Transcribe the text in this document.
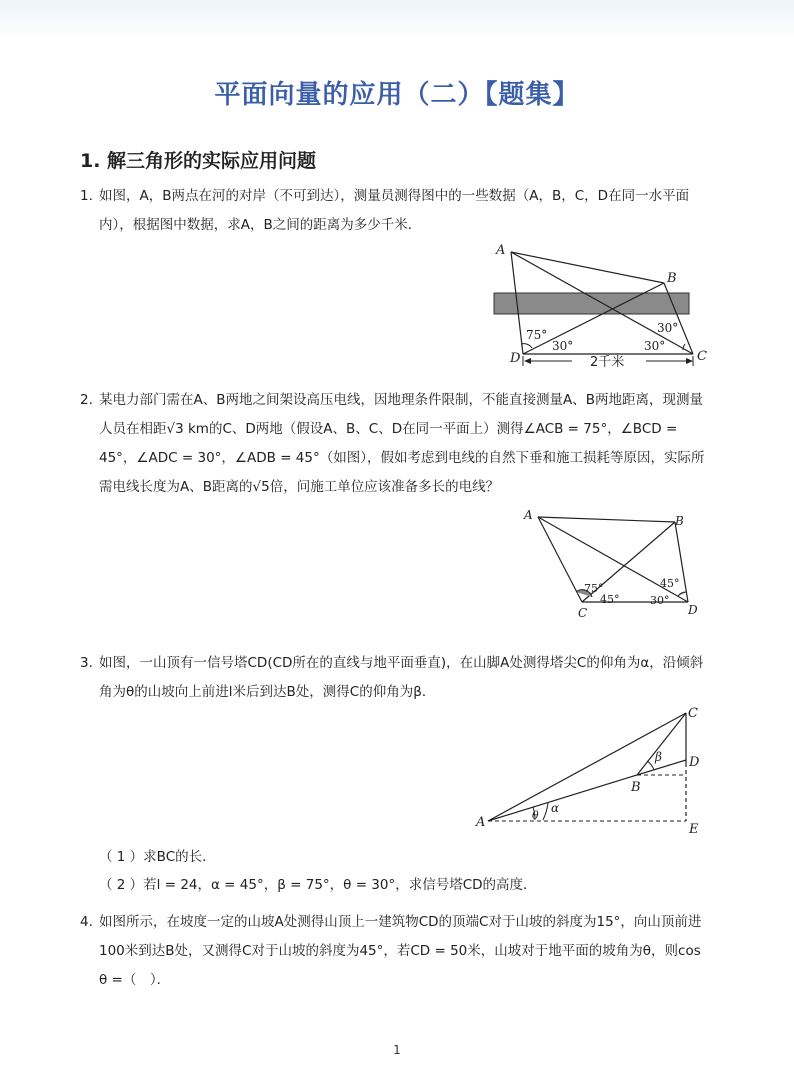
平面向量的应用（二）【题集】
1. 解三角形的实际应用问题
1. 如图，A，B两点在河的对岸（不可到达），测量员测得图中的一些数据（A，B，C，D在同一水平面内），根据图中数据，求A，B之间的距离为多少千米．
A
B
C
D
75°
30°	30°
30°
2千米
2. 某电力部门需在A、B两地之间架设高压电线，因地理条件限制，不能直接测量A、B两地距离，现测量人员在相距√3 km的C、D两地（假设A、B、C、D在同一平面上）测得∠ACB = 75°，∠BCD = 45°，∠ADC = 30°，∠ADB = 45°（如图），假如考虑到电线的自然下垂和施工损耗等原因，实际所需电线长度为A、B距离的√5倍，问施工单位应该准备多长的电线？
A	B
C	D
75°
45°
45°
30°
3. 如图，一山顶有一信号塔CD(CD所在的直线与地平面垂直)，在山脚A处测得塔尖C的仰角为α，沿倾斜角为θ的山坡向上前进l米后到达B处，测得C的仰角为β．
A
B
C
D
E
β
α
θ
（ 1 ）求BC的长．
（ 2 ）若l = 24，α = 45°，β = 75°，θ = 30°，求信号塔CD的高度．
4. 如图所示，在坡度一定的山坡A处测得山顶上一建筑物CD的顶端C对于山坡的斜度为15°，向山顶前进100米到达B处，又测得C对于山坡的斜度为45°，若CD = 50米，山坡对于地平面的坡角为θ，则cos θ =（　）．
1
